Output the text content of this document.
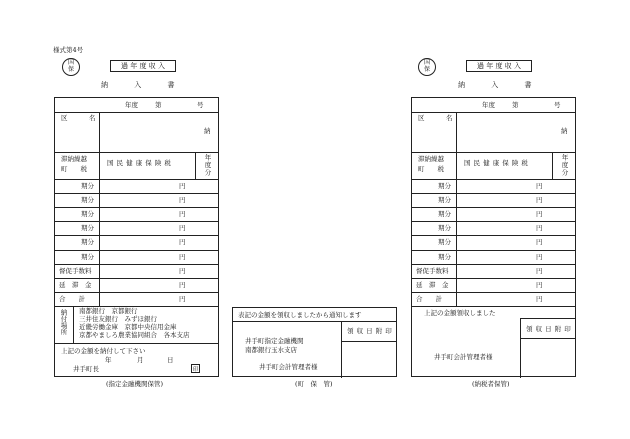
様式第4号
国
保	過 年 度 収 入
納 入 書
年度	第	号
区	名
納
滞納繰越
町　　税
国 民 健 康 保 険 税	年度分
期分	円
期分	円
期分	円
期分	円
期分	円
期分	円
督促手数料	円
延　滞　金	円
合　　計	円
納付場所 南都銀行　京都銀行
三井住友銀行　みずほ銀行
近畿労働金庫　京都中央信用金庫
京都やましろ農業協同組合　各本支店
上記の金額を納付して下さい
年	月	日
井手町長	印
(指定金融機関保管)
表記の金額を領収しましたから通知します
領 収 日 附 印
井手町指定金融機関
南都銀行玉水支店
井手町会計管理者様
(町　保　管)
国
保	過 年 度 収 入
納 入 書
年度	第	号
区	名
納
滞納繰越
町　　税
国 民 健 康 保 険 税	年度分
期分	円
期分	円
期分	円
期分	円
期分	円
期分	円
督促手数料	円
延　滞　金	円
合　　計	円
上記の金額領収しました
領 収 日 附 印
井手町会計管理者様
(納税者保管)
